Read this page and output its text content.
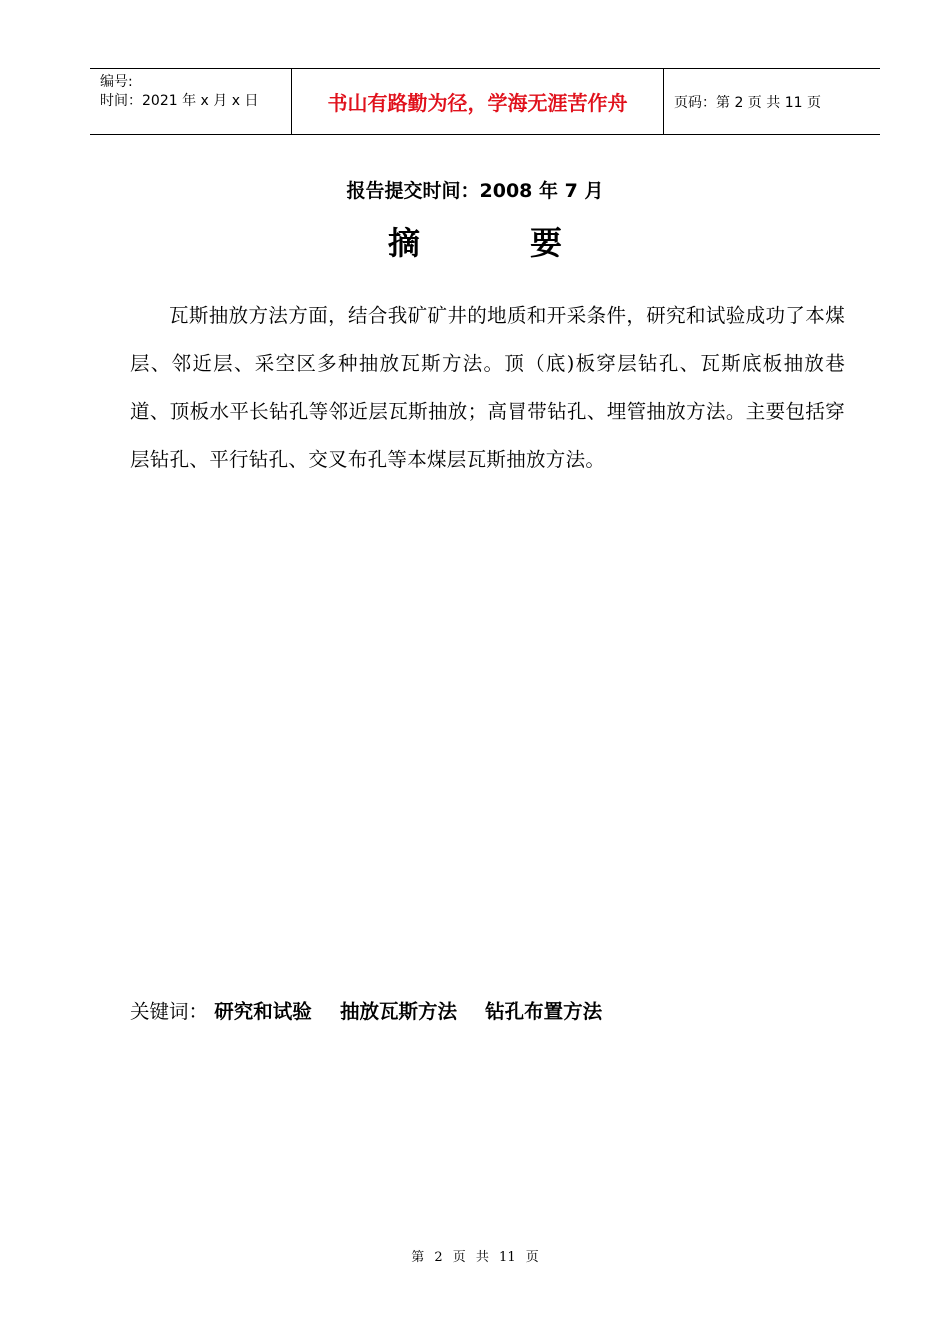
编号:
时间：2021 年 x 月 x 日	书山有路勤为径，学海无涯苦作舟	页码：第 2 页 共 11 页
报告提交时间：2008 年 7 月
摘	要
瓦斯抽放方法方面，结合我矿矿井的地质和开采条件，研究和试验成功了本煤层、邻近层、采空区多种抽放瓦斯方法。顶（底)板穿层钻孔、瓦斯底板抽放巷道、顶板水平长钻孔等邻近层瓦斯抽放；高冒带钻孔、埋管抽放方法。主要包括穿层钻孔、平行钻孔、交叉布孔等本煤层瓦斯抽放方法。
关键词： 研究和试验 抽放瓦斯方法 钻孔布置方法
第 2 页 共 11 页
